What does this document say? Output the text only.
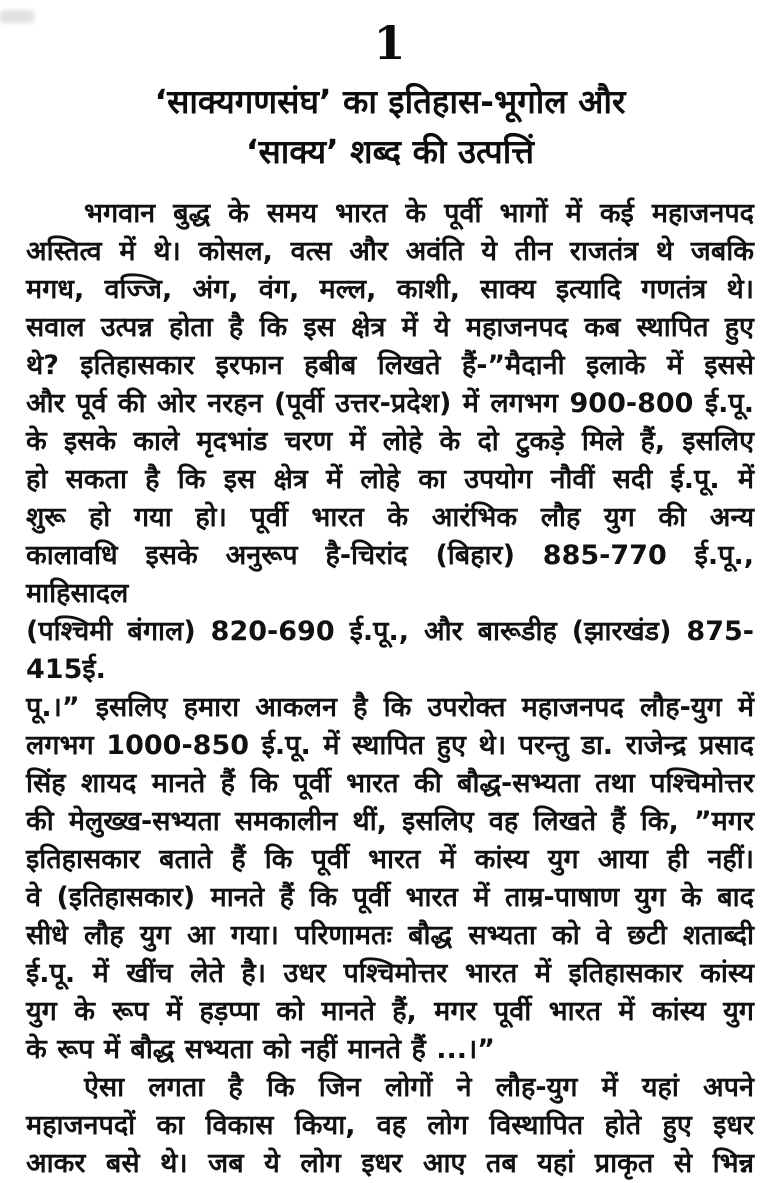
1
‘साक्यगणसंघ’ का इतिहास-भूगोल और
‘साक्य’ शब्द की उत्पत्तिं
भगवान बुद्ध के समय भारत के पूर्वी भागों में कई महाजनपद
अस्तित्व में थे। कोसल, वत्स और अवंति ये तीन राजतंत्र थे जबकि
मगध, वज्जि, अंग, वंग, मल्ल, काशी, साक्य इत्यादि गणतंत्र थे।
सवाल उत्पन्न होता है कि इस क्षेत्र में ये महाजनपद कब स्थापित हुए
थे? इतिहासकार इरफान हबीब लिखते हैं-”मैदानी इलाके में इससे
और पूर्व की ओर नरहन (पूर्वी उत्तर-प्रदेश) में लगभग 900-800 ई.पू.
के इसके काले मृदभांड चरण में लोहे के दो टुकड़े मिले हैं, इसलिए
हो सकता है कि इस क्षेत्र में लोहे का उपयोग नौवीं सदी ई.पू. में
शुरू हो गया हो। पूर्वी भारत के आरंभिक लौह युग की अन्य
कालावधि इसके अनुरूप है-चिरांद (बिहार) 885-770 ई.पू., माहिसादल
(पश्चिमी बंगाल) 820-690 ई.पू., और बारूडीह (झारखंड) 875-415ई.
पू.।” इसलिए हमारा आकलन है कि उपरोक्त महाजनपद लौह-युग में
लगभग 1000-850 ई.पू. में स्थापित हुए थे। परन्तु डा. राजेन्द्र प्रसाद
सिंह शायद मानते हैं कि पूर्वी भारत की बौद्ध-सभ्यता तथा पश्चिमोत्तर
की मेलुख्ख-सभ्यता समकालीन थीं, इसलिए वह लिखते हैं कि, ”मगर
इतिहासकार बताते हैं कि पूर्वी भारत में कांस्य युग आया ही नहीं।
वे (इतिहासकार) मानते हैं कि पूर्वी भारत में ताम्र-पाषाण युग के बाद
सीधे लौह युग आ गया। परिणामतः बौद्ध सभ्यता को वे छटी शताब्दी
ई.पू. में खींच लेते है। उधर पश्चिमोत्तर भारत में इतिहासकार कांस्य
युग के रूप में हड़प्पा को मानते हैं, मगर पूर्वी भारत में कांस्य युग
के रूप में बौद्ध सभ्यता को नहीं मानते हैं ...।”
ऐसा लगता है कि जिन लोगों ने लौह-युग में यहां अपने
महाजनपदों का विकास किया, वह लोग विस्थापित होते हुए इधर
आकर बसे थे। जब ये लोग इधर आए तब यहां प्राकृत से भिन्न
